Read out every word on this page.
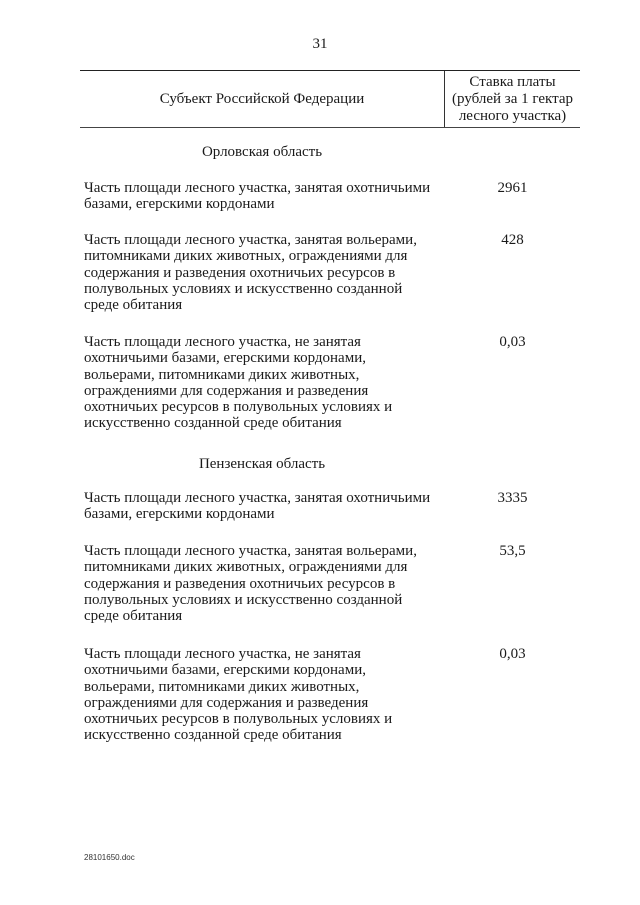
31
Субъект Российской Федерации
Ставка платы
(рублей за 1 гектар
лесного участка)
Орловская область
Часть площади лесного участка, занятая охотничьими
базами, егерскими кордонами
2961
Часть площади лесного участка, занятая вольерами,
питомниками диких животных, ограждениями для
содержания и разведения охотничьих ресурсов в
полувольных условиях и искусственно созданной
среде обитания
428
Часть площади лесного участка, не занятая
охотничьими базами, егерскими кордонами,
вольерами, питомниками диких животных,
ограждениями для содержания и разведения
охотничьих ресурсов в полувольных условиях и
искусственно созданной среде обитания
0,03
Пензенская область
Часть площади лесного участка, занятая охотничьими
базами, егерскими кордонами
3335
Часть площади лесного участка, занятая вольерами,
питомниками диких животных, ограждениями для
содержания и разведения охотничьих ресурсов в
полувольных условиях и искусственно созданной
среде обитания
53,5
Часть площади лесного участка, не занятая
охотничьими базами, егерскими кордонами,
вольерами, питомниками диких животных,
ограждениями для содержания и разведения
охотничьих ресурсов в полувольных условиях и
искусственно созданной среде обитания
0,03
28101650.doc
